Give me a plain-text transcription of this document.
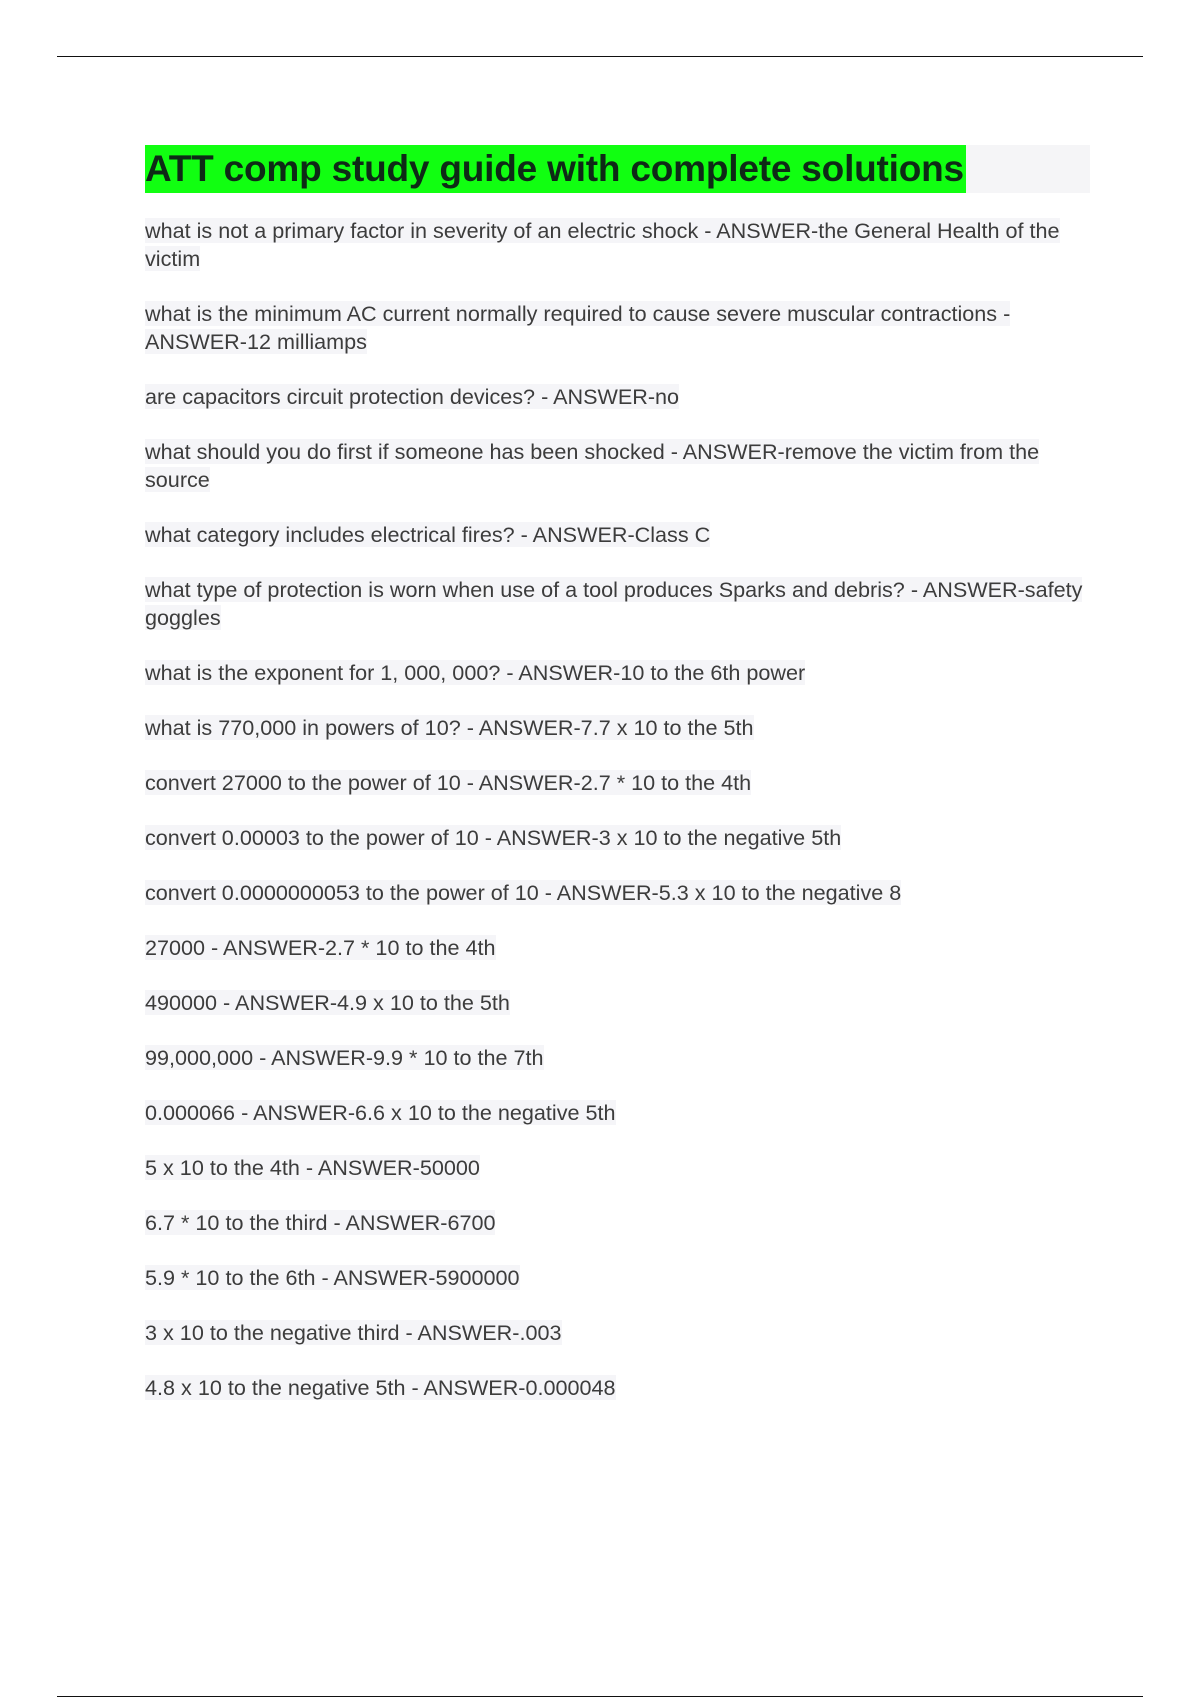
ATT comp study guide with complete solutions
what is not a primary factor in severity of an electric shock - ANSWER-the General Health of the victim
what is the minimum AC current normally required to cause severe muscular contractions - ANSWER-12 milliamps
are capacitors circuit protection devices? - ANSWER-no
what should you do first if someone has been shocked - ANSWER-remove the victim from the source
what category includes electrical fires? - ANSWER-Class C
what type of protection is worn when use of a tool produces Sparks and debris? - ANSWER-safety goggles
what is the exponent for 1, 000, 000? - ANSWER-10 to the 6th power
what is 770,000 in powers of 10? - ANSWER-7.7 x 10 to the 5th
convert 27000 to the power of 10 - ANSWER-2.7 * 10 to the 4th
convert 0.00003 to the power of 10 - ANSWER-3 x 10 to the negative 5th
convert 0.0000000053 to the power of 10 - ANSWER-5.3 x 10 to the negative 8
27000 - ANSWER-2.7 * 10 to the 4th
490000 - ANSWER-4.9 x 10 to the 5th
99,000,000 - ANSWER-9.9 * 10 to the 7th
0.000066 - ANSWER-6.6 x 10 to the negative 5th
5 x 10 to the 4th - ANSWER-50000
6.7 * 10 to the third - ANSWER-6700
5.9 * 10 to the 6th - ANSWER-5900000
3 x 10 to the negative third - ANSWER-.003
4.8 x 10 to the negative 5th - ANSWER-0.000048
